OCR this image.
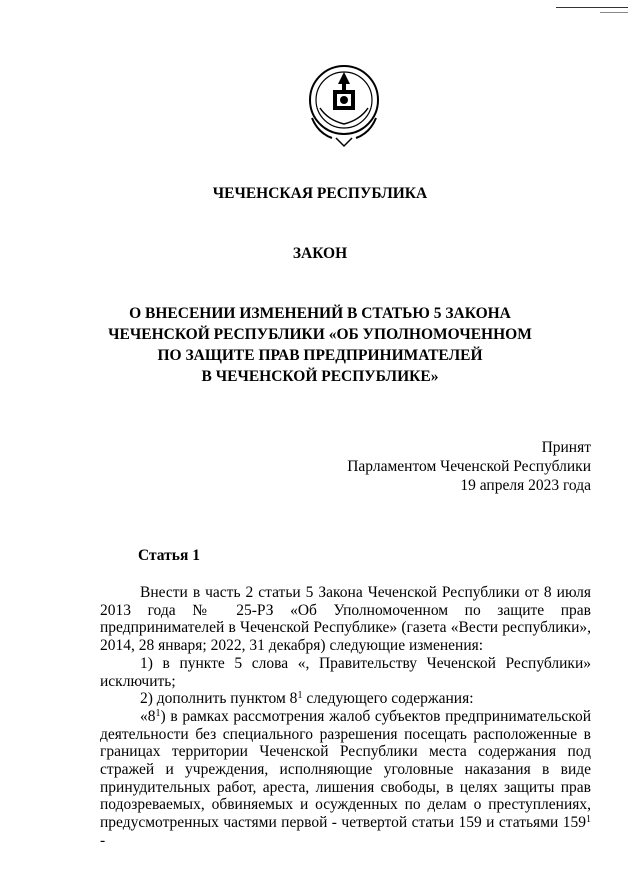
ЧЕЧЕНСКАЯ РЕСПУБЛИКА
ЗАКОН
О ВНЕСЕНИИ ИЗМЕНЕНИЙ В СТАТЬЮ 5 ЗАКОНА
ЧЕЧЕНСКОЙ РЕСПУБЛИКИ «ОБ УПОЛНОМОЧЕННОМ
ПО ЗАЩИТЕ ПРАВ ПРЕДПРИНИМАТЕЛЕЙ
В ЧЕЧЕНСКОЙ РЕСПУБЛИКЕ»
Принят
Парламентом Чеченской Республики
19 апреля 2023 года
Статья 1

Внести в часть 2 статьи 5 Закона Чеченской Республики от 8 июля 2013 года № 25-РЗ «Об Уполномоченном по защите прав предпринимателей в Чеченской Республике» (газета «Вести республики», 2014, 28 января; 2022, 31 декабря) следующие изменения:

1) в пункте 5 слова «, Правительству Чеченской Республики» исключить;

2) дополнить пунктом $8^1$ следующего содержания:

«$8^1$) в рамках рассмотрения жалоб субъектов предпринимательской деятельности без специального разрешения посещать расположенные в границах территории Чеченской Республики места содержания под стражей и учреждения, исполняющие уголовные наказания в виде принудительных работ, ареста, лишения свободы, в целях защиты прав подозреваемых, обвиняемых и осужденных по делам о преступлениях, предусмотренных частями первой - четвертой статьи 159 и статьями $159^1$ -
